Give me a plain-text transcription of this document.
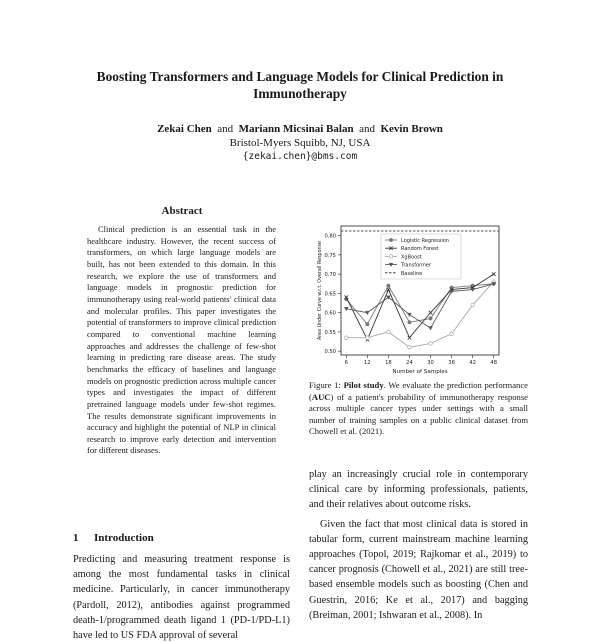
Boosting Transformers and Language Models for Clinical Prediction in Immunotherapy
Zekai Chen and Mariann Micsinai Balan and Kevin Brown
Bristol-Myers Squibb, NJ, USA
{zekai.chen}@bms.com
Abstract

Clinical prediction is an essential task in the healthcare industry. However, the recent success of transformers, on which large language models are built, has not been extended to this domain. In this research, we explore the use of transformers and language models in prognostic prediction for immunotherapy using real-world patients' clinical data and molecular profiles. This paper investigates the potential of transformers to improve clinical prediction compared to conventional machine learning approaches and addresses the challenge of few-shot learning in predicting rare disease areas. The study benchmarks the efficacy of baselines and language models on prognostic prediction across multiple cancer types and investigates the impact of different pretrained language models under few-shot regimes. The results demonstrate significant improvements in accuracy and highlight the potential of NLP in clinical research to improve early detection and intervention for different diseases.

1 Introduction

Predicting and measuring treatment response is among the most fundamental tasks in clinical medicine. Particularly, in cancer immunotherapy (Pardoll, 2012), antibodies against programmed death-1/programmed death ligand 1 (PD-1/PD-L1) have led to US FDA approval of several

0.50
0.55
0.60
0.65
0.70
0.75
0.80
6	12	18	24	30	36	42	48
Number of Samples
Area Under Curve w.r.t. Overall Response
Logistic Regression
Random Forest
XgBoost
Transformer
Baseline
Figure 1: Pilot study. We evaluate the prediction performance (AUC) of a patient's probability of immunotherapy response across multiple cancer types under settings with a small number of training samples on a public clinical dataset from Chowell et al. (2021).

play an increasingly crucial role in contemporary clinical care by informing professionals, patients, and their relatives about outcome risks.

Given the fact that most clinical data is stored in tabular form, current mainstream machine learning approaches (Topol, 2019; Rajkomar et al., 2019) to cancer prognosis (Chowell et al., 2021) are still tree-based ensemble models such as boosting (Chen and Guestrin, 2016; Ke et al., 2017) and bagging (Breiman, 2001; Ishwaran et al., 2008). In
